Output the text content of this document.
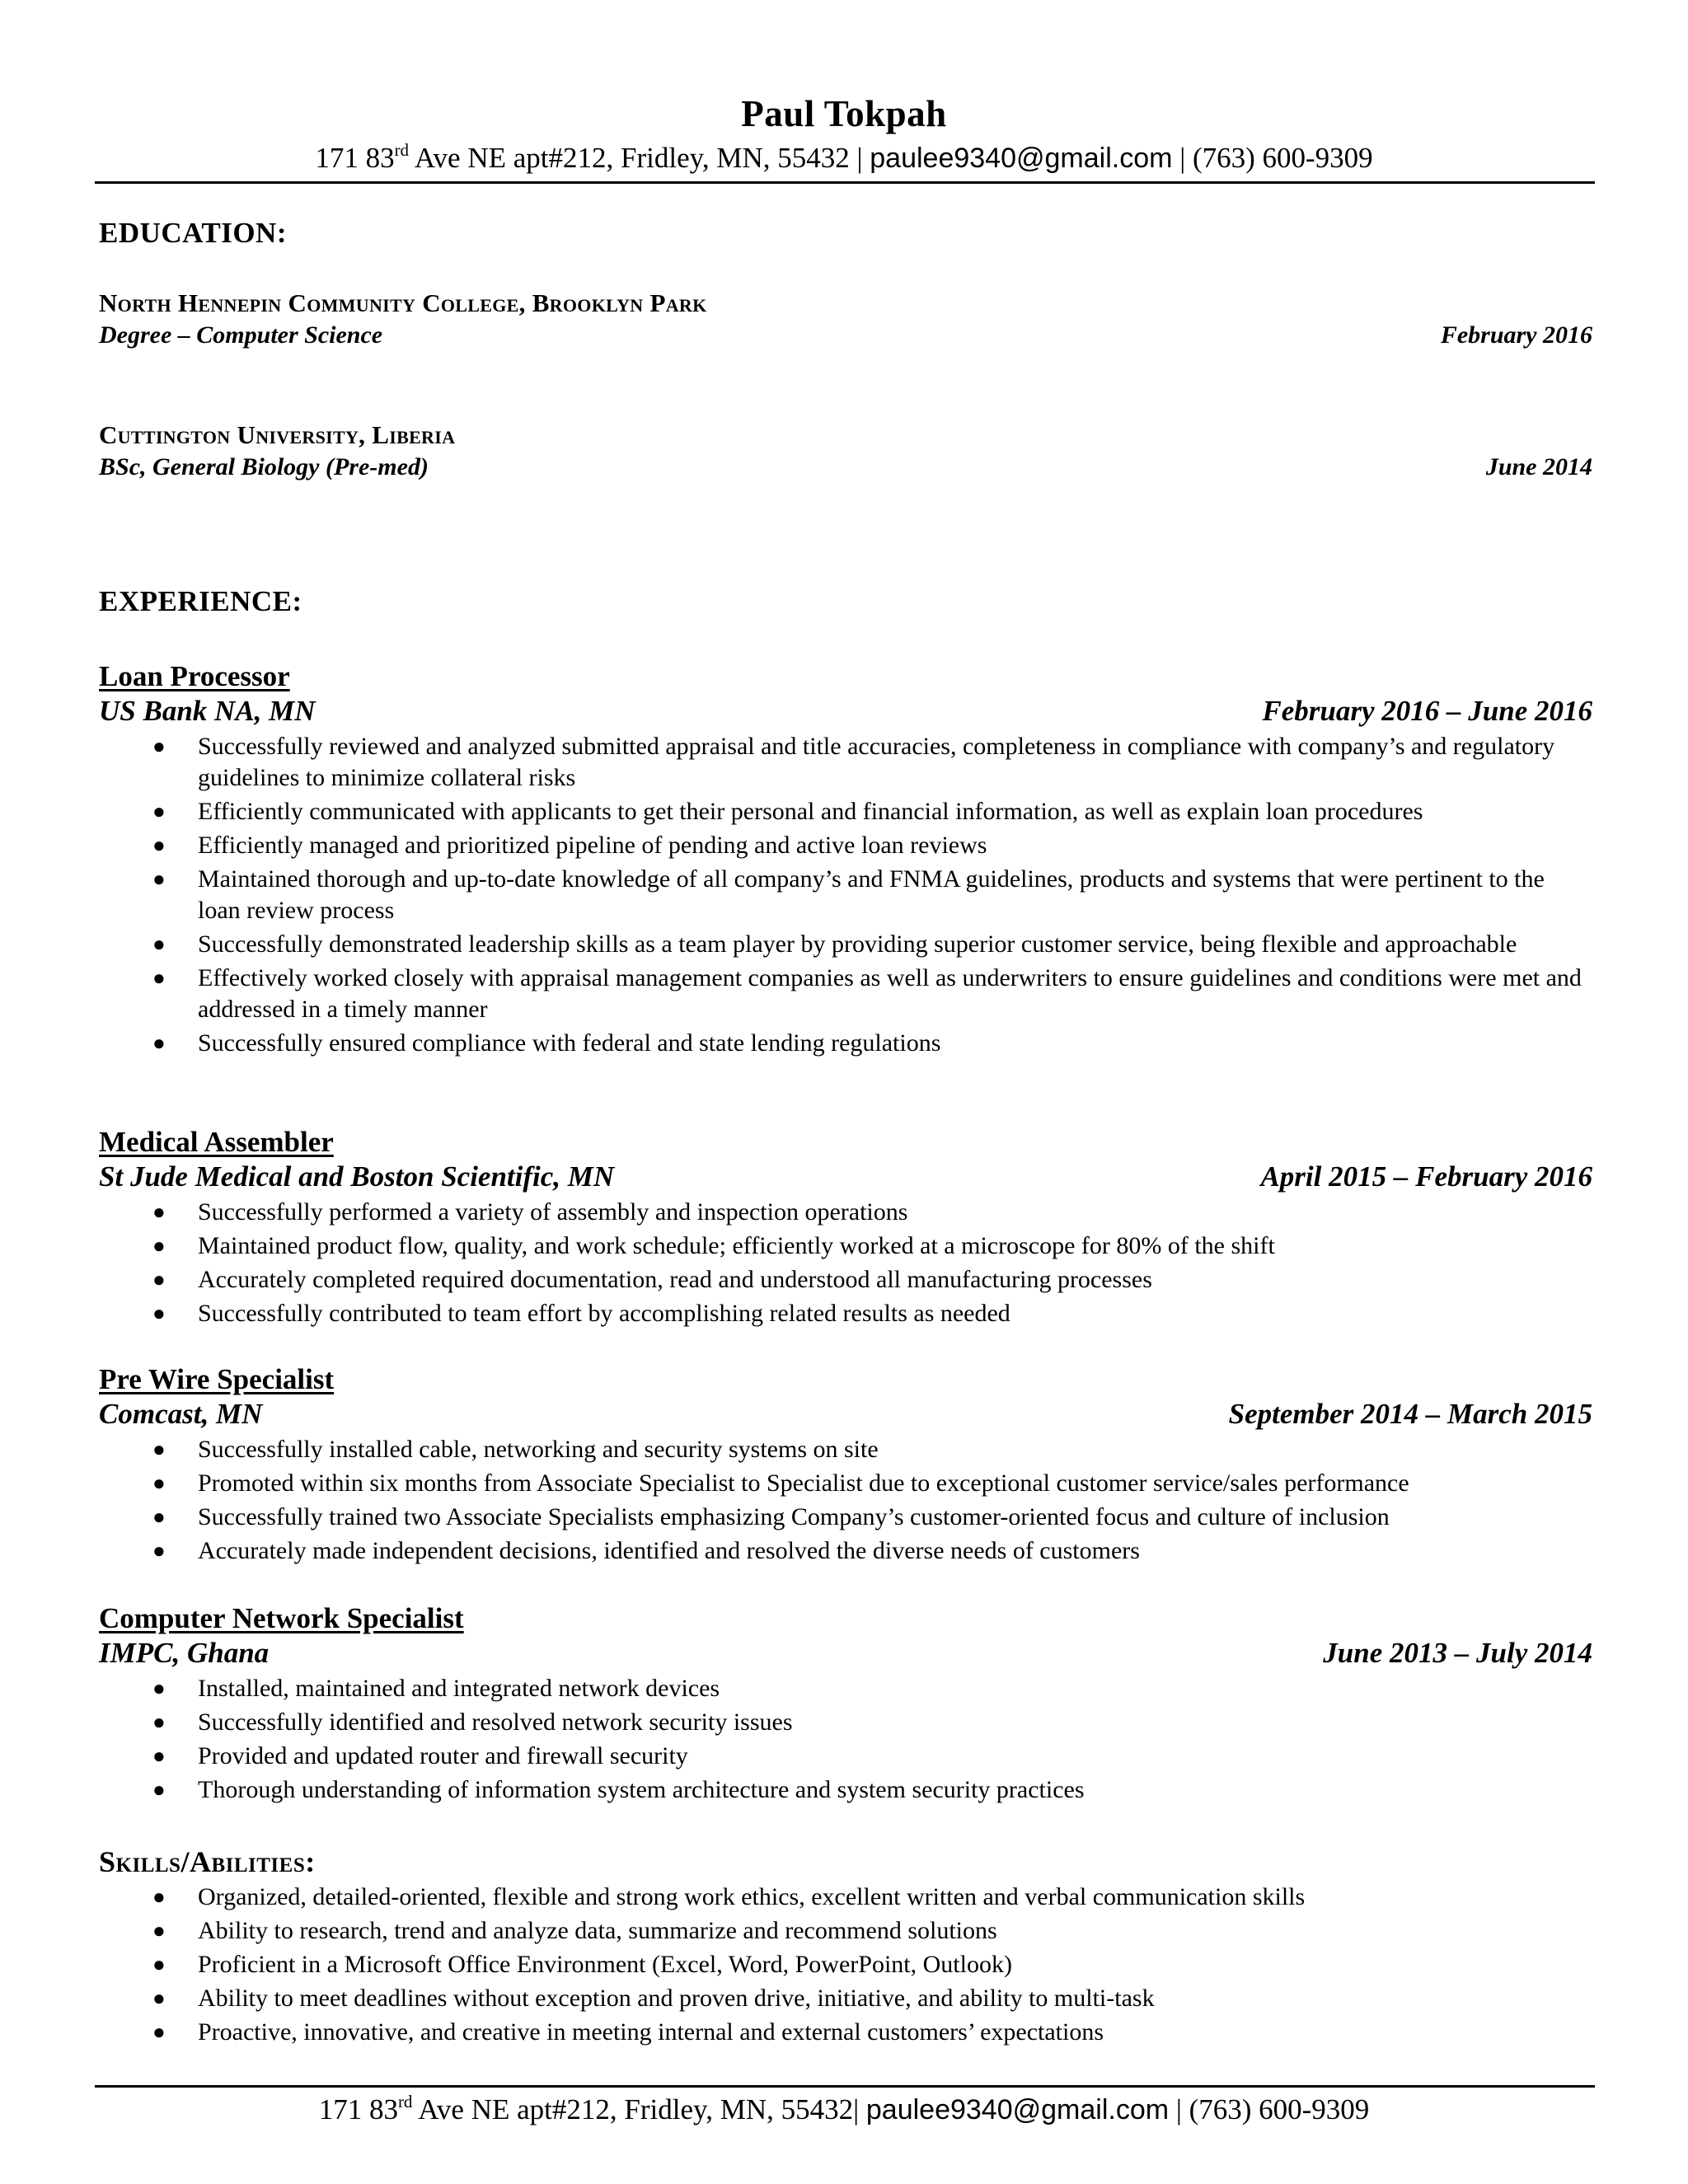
Paul Tokpah
171 83rd Ave NE apt#212, Fridley, MN, 55432 | paulee9340@gmail.com | (763) 600-9309
EDUCATION:
North Hennepin Community College, Brooklyn Park
Degree – Computer Science	February 2016
Cuttington University, Liberia
BSc, General Biology (Pre-med)	June 2014
EXPERIENCE:
Loan Processor
US Bank NA, MN	February 2016 – June 2016
● Successfully reviewed and analyzed submitted appraisal and title accuracies, completeness in compliance with company’s and regulatory guidelines to minimize collateral risks
● Efficiently communicated with applicants to get their personal and financial information, as well as explain loan procedures
● Efficiently managed and prioritized pipeline of pending and active loan reviews
● Maintained thorough and up-to-date knowledge of all company’s and FNMA guidelines, products and systems that were pertinent to the loan review process
● Successfully demonstrated leadership skills as a team player by providing superior customer service, being flexible and approachable
● Effectively worked closely with appraisal management companies as well as underwriters to ensure guidelines and conditions were met and addressed in a timely manner
● Successfully ensured compliance with federal and state lending regulations
Medical Assembler
St Jude Medical and Boston Scientific, MN	April 2015 – February 2016
● Successfully performed a variety of assembly and inspection operations
● Maintained product flow, quality, and work schedule; efficiently worked at a microscope for 80% of the shift
● Accurately completed required documentation, read and understood all manufacturing processes
● Successfully contributed to team effort by accomplishing related results as needed
Pre Wire Specialist
Comcast, MN	September 2014 – March 2015
● Successfully installed cable, networking and security systems on site
● Promoted within six months from Associate Specialist to Specialist due to exceptional customer service/sales performance
● Successfully trained two Associate Specialists emphasizing Company’s customer-oriented focus and culture of inclusion
● Accurately made independent decisions, identified and resolved the diverse needs of customers
Computer Network Specialist
IMPC, Ghana	June 2013 – July 2014
● Installed, maintained and integrated network devices
● Successfully identified and resolved network security issues
● Provided and updated router and firewall security
● Thorough understanding of information system architecture and system security practices
Skills/Abilities:
● Organized, detailed-oriented, flexible and strong work ethics, excellent written and verbal communication skills
● Ability to research, trend and analyze data, summarize and recommend solutions
● Proficient in a Microsoft Office Environment (Excel, Word, PowerPoint, Outlook)
● Ability to meet deadlines without exception and proven drive, initiative, and ability to multi-task
● Proactive, innovative, and creative in meeting internal and external customers’ expectations
171 83rd Ave NE apt#212, Fridley, MN, 55432| paulee9340@gmail.com | (763) 600-9309
